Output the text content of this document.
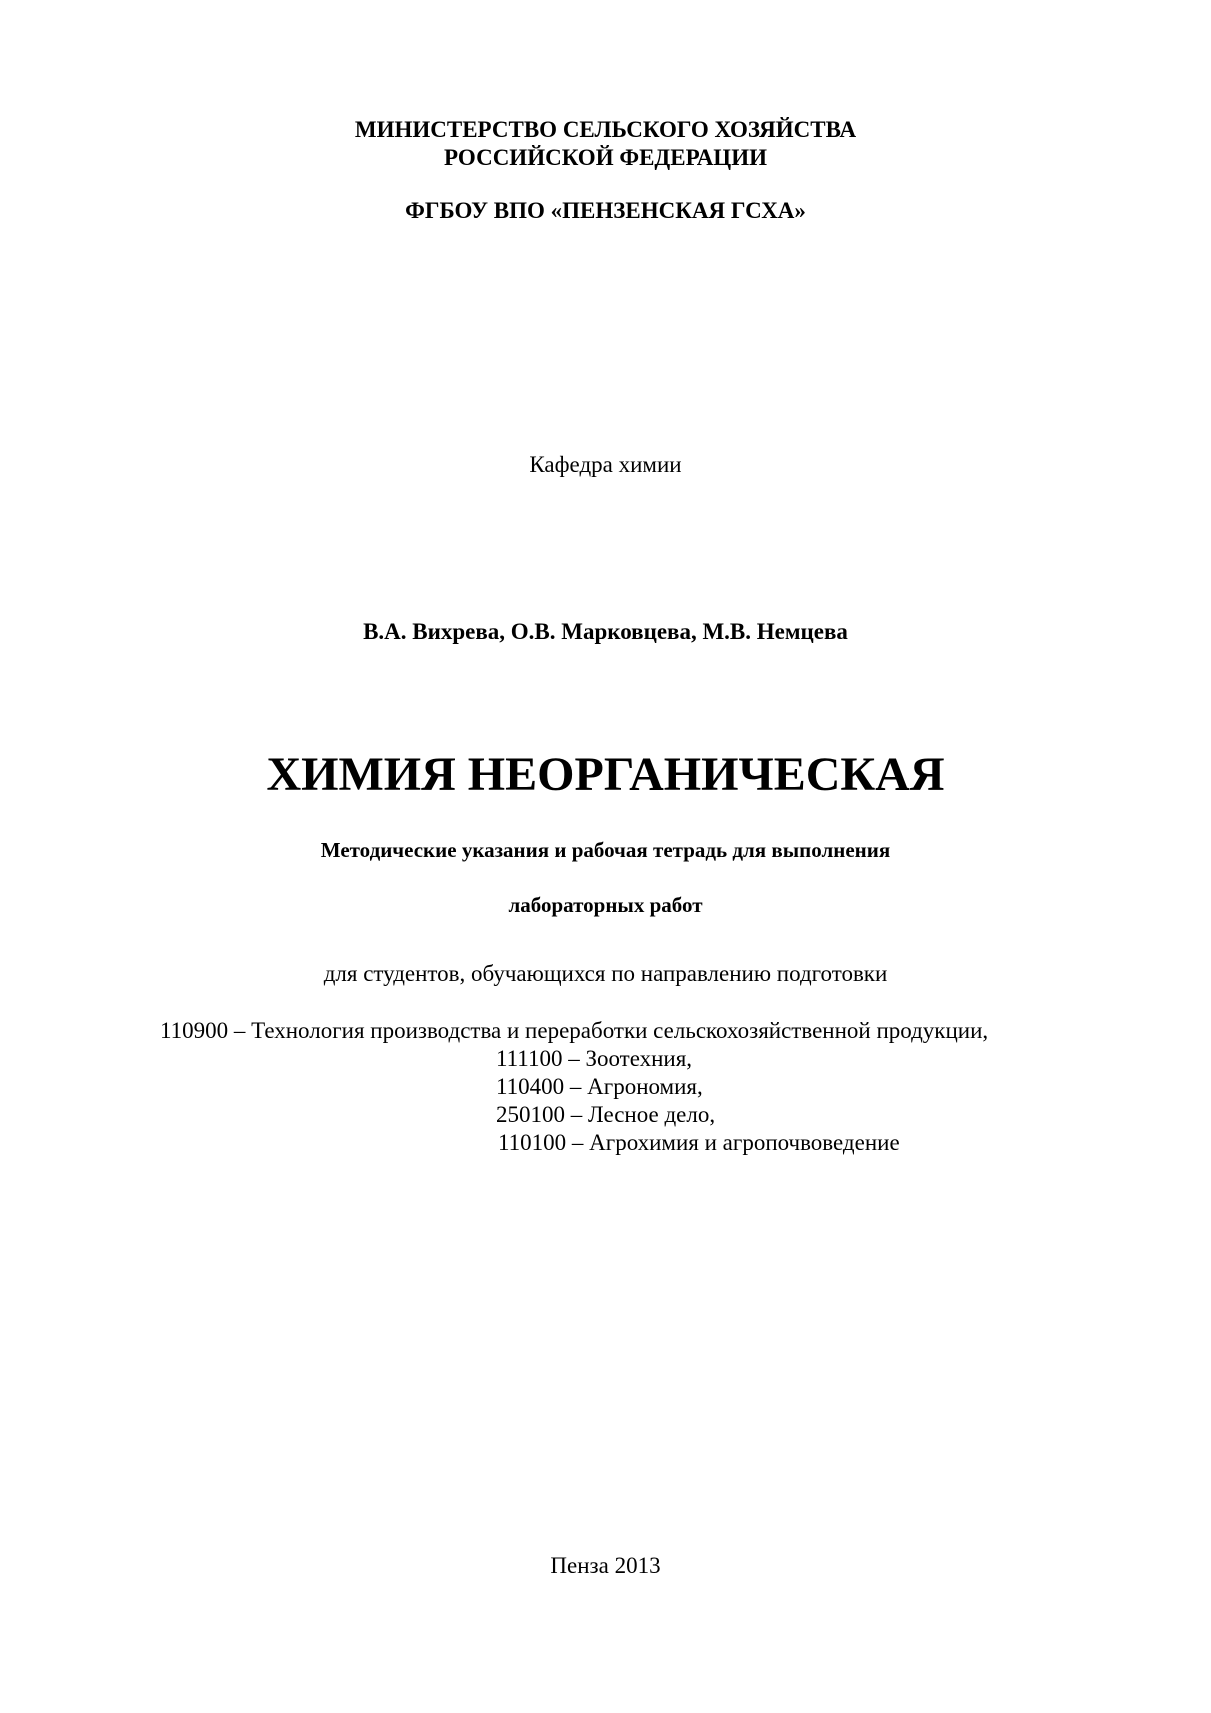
МИНИСТЕРСТВО СЕЛЬСКОГО ХОЗЯЙСТВА
РОССИЙСКОЙ ФЕДЕРАЦИИ
ФГБОУ ВПО «ПЕНЗЕНСКАЯ ГСХА»
Кафедра химии
В.А. Вихрева, О.В. Марковцева, М.В. Немцева
ХИМИЯ НЕОРГАНИЧЕСКАЯ
Методические указания и рабочая тетрадь для выполнения
лабораторных работ
для студентов, обучающихся по направлению подготовки
110900 – Технология производства и переработки сельскохозяйственной продукции,
111100 – Зоотехния,
110400 – Агрономия,
250100 – Лесное дело,
110100 – Агрохимия и агропочвоведение
Пенза 2013
